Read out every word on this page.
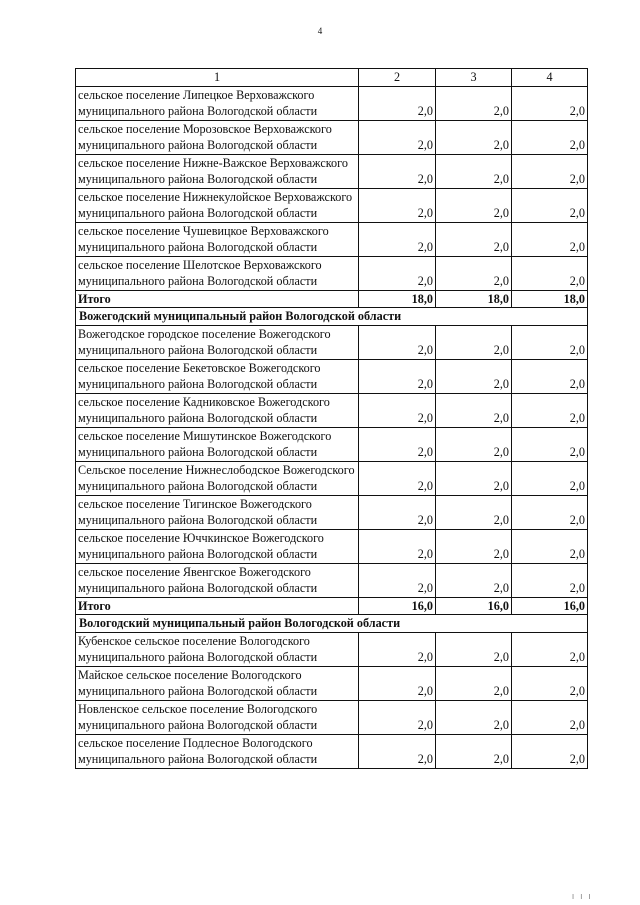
4
1	2	3	4
сельское поселение Липецкое Верховажского муниципального района Вологодской области	2,0	2,0	2,0
сельское поселение Морозовское Верховажского муниципального района Вологодской области	2,0	2,0	2,0
сельское поселение Нижне-Важское Верховажского муниципального района Вологодской области	2,0	2,0	2,0
сельское поселение Нижнекулойское Верховажского муниципального района Вологодской области	2,0	2,0	2,0
сельское поселение Чушевицкое Верховажского муниципального района Вологодской области	2,0	2,0	2,0
сельское поселение Шелотское Верховажского муниципального района Вологодской области	2,0	2,0	2,0
Итого	18,0	18,0	18,0
Вожегодский муниципальный район Вологодской области			
Вожегодское городское поселение Вожегодского муниципального района Вологодской области	2,0	2,0	2,0
сельское поселение Бекетовское Вожегодского муниципального района Вологодской области	2,0	2,0	2,0
сельское поселение Кадниковское Вожегодского муниципального района Вологодской области	2,0	2,0	2,0
сельское поселение Мишутинское Вожегодского муниципального района Вологодской области	2,0	2,0	2,0
Сельское поселение Нижнеслободское Вожегодского муниципального района Вологодской области	2,0	2,0	2,0
сельское поселение Тигинское Вожегодского муниципального района Вологодской области	2,0	2,0	2,0
сельское поселение Юччкинское Вожегодского муниципального района Вологодской области	2,0	2,0	2,0
сельское поселение Явенгское Вожегодского муниципального района Вологодской области	2,0	2,0	2,0
Итого	16,0	16,0	16,0
Вологодский муниципальный район Вологодской области			
Кубенское сельское поселение Вологодского муниципального района Вологодской области	2,0	2,0	2,0
Майское сельское поселение Вологодского муниципального района Вологодской области	2,0	2,0	2,0
Новленское сельское поселение Вологодского муниципального района Вологодской области	2,0	2,0	2,0
сельское поселение Подлесное Вологодского муниципального района Вологодской области	2,0	2,0	2,0
I I I
